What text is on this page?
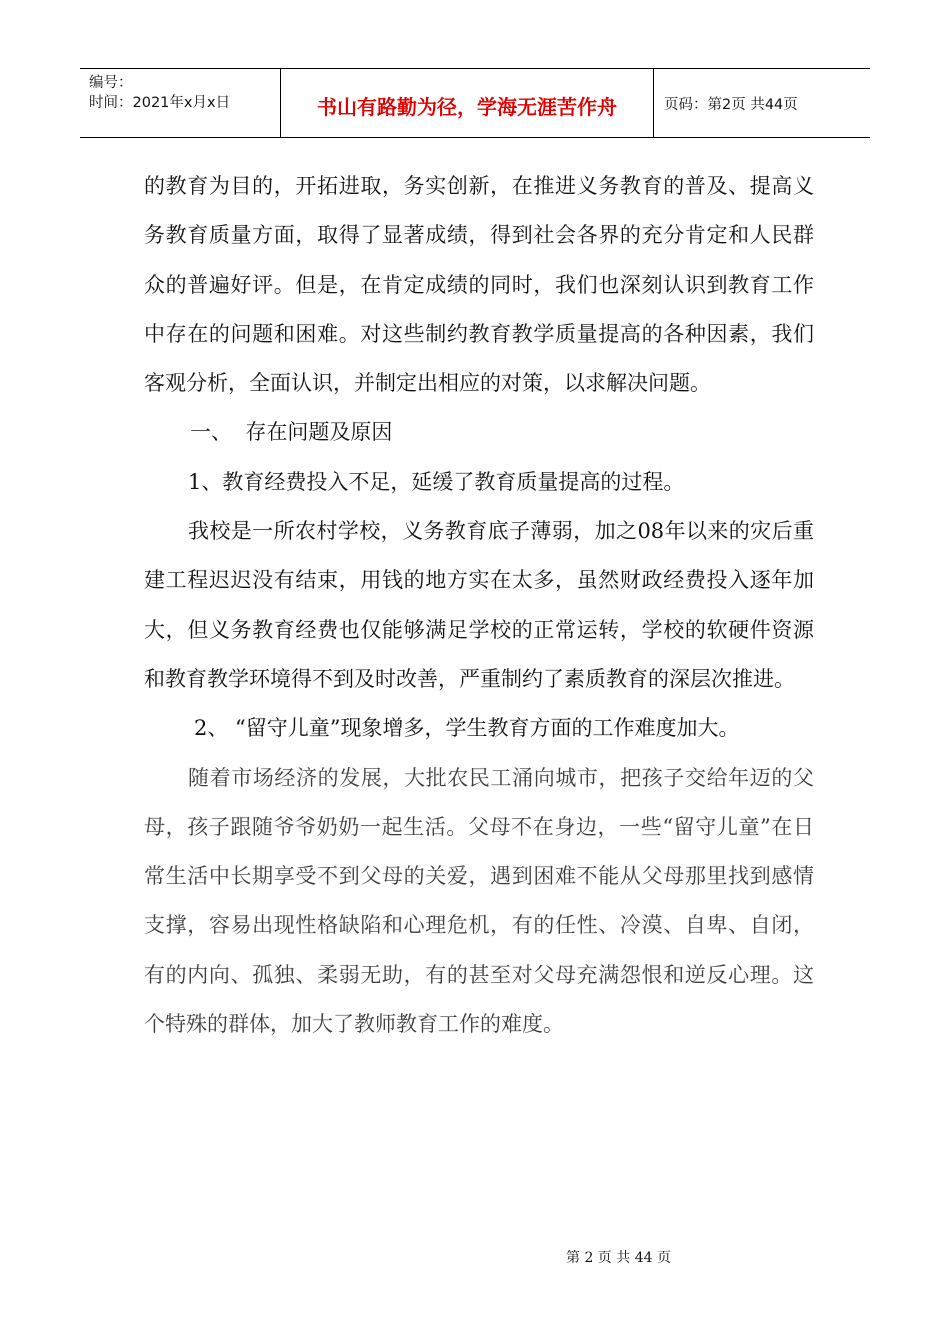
编号：
时间：2021年x月x日	书山有路勤为径，学海无涯苦作舟	页码：第2页 共44页

的教育为目的，开拓进取，务实创新，在推进义务教育的普及、提高义务教育质量方面，取得了显著成绩，得到社会各界的充分肯定和人民群众的普遍好评。但是，在肯定成绩的同时，我们也深刻认识到教育工作中存在的问题和困难。对这些制约教育教学质量提高的各种因素，我们客观分析，全面认识，并制定出相应的对策，以求解决问题。

一、  存在问题及原因

1、教育经费投入不足，延缓了教育质量提高的过程。

我校是一所农村学校，义务教育底子薄弱，加之08年以来的灾后重建工程迟迟没有结束，用钱的地方实在太多，虽然财政经费投入逐年加大，但义务教育经费也仅能够满足学校的正常运转，学校的软硬件资源和教育教学环境得不到及时改善，严重制约了素质教育的深层次推进。

2、 “留守儿童”现象增多，学生教育方面的工作难度加大。

随着市场经济的发展，大批农民工涌向城市，把孩子交给年迈的父母，孩子跟随爷爷奶奶一起生活。父母不在身边，一些“留守儿童”在日常生活中长期享受不到父母的关爱，遇到困难不能从父母那里找到感情支撑，容易出现性格缺陷和心理危机，有的任性、冷漠、自卑、自闭，有的内向、孤独、柔弱无助，有的甚至对父母充满怨恨和逆反心理。这个特殊的群体，加大了教师教育工作的难度。

第 2 页 共 44 页
